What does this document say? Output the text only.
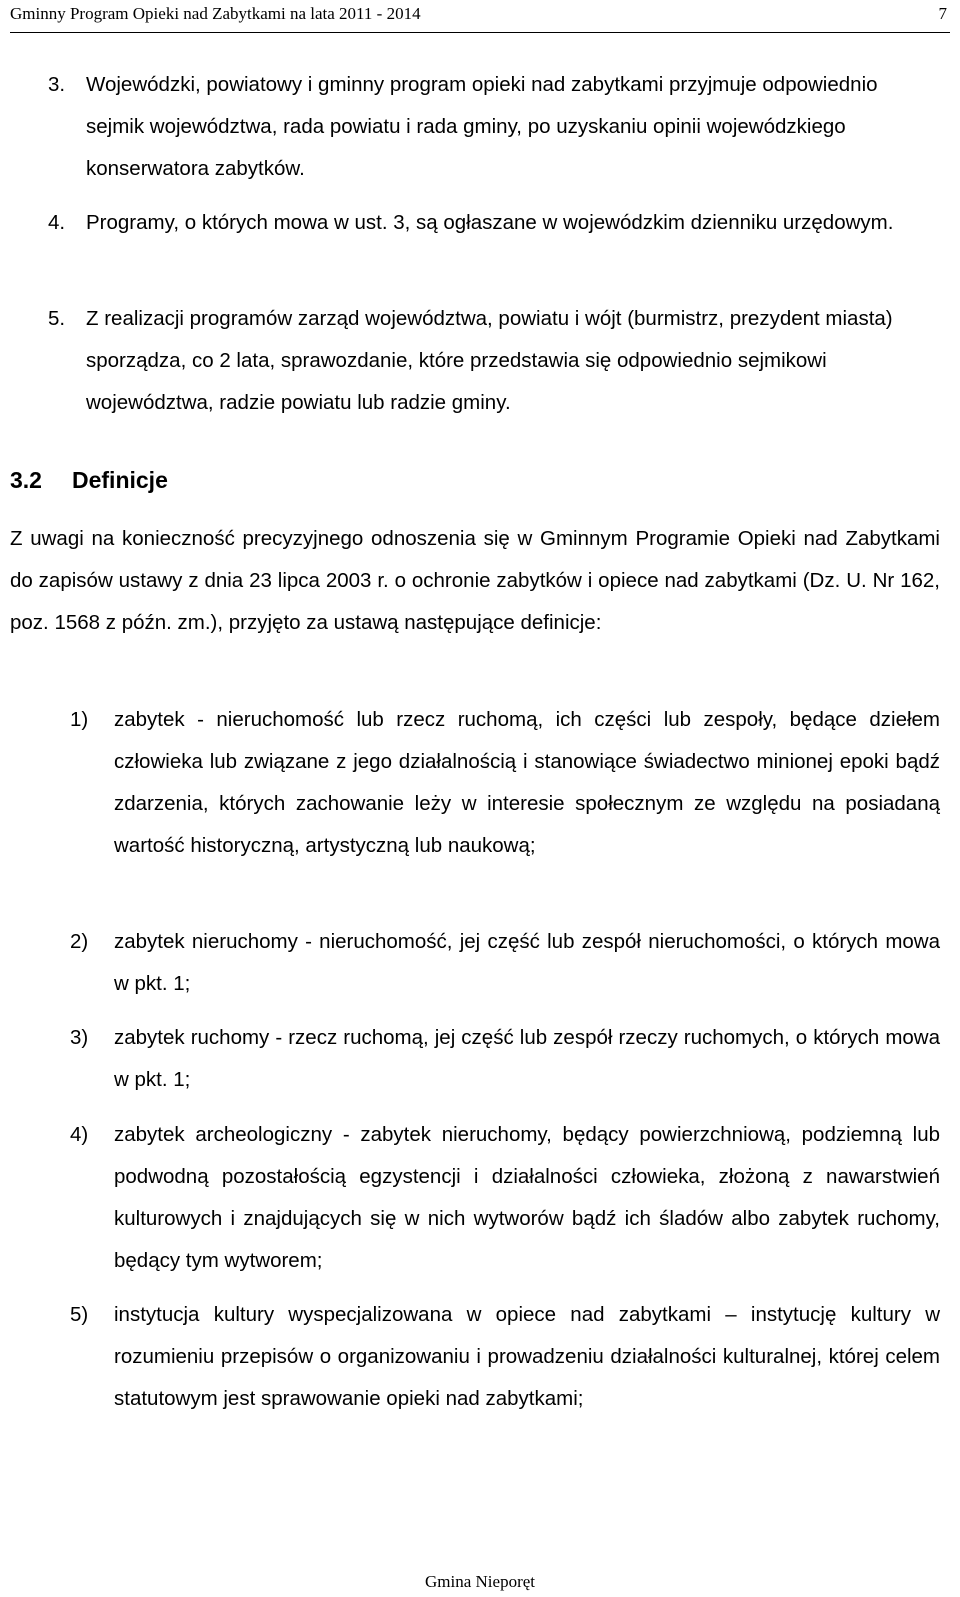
Gminny Program Opieki nad Zabytkami na lata 2011 - 2014	7
3. Wojewódzki, powiatowy i gminny program opieki nad zabytkami przyjmuje odpowiednio sejmik województwa, rada powiatu i rada gminy, po uzyskaniu opinii wojewódzkiego konserwatora zabytków.
4. Programy, o których mowa w ust. 3, są ogłaszane w wojewódzkim dzienniku urzędowym.
5. Z realizacji programów zarząd województwa, powiatu i wójt (burmistrz, prezydent miasta) sporządza, co 2 lata, sprawozdanie, które przedstawia się odpowiednio sejmikowi województwa, radzie powiatu lub radzie gminy.
3.2 Definicje
Z uwagi na konieczność precyzyjnego odnoszenia się w Gminnym Programie Opieki nad Zabytkami do zapisów ustawy z dnia 23 lipca 2003 r. o ochronie zabytków i opiece nad zabytkami (Dz. U. Nr 162, poz. 1568 z późn. zm.), przyjęto za ustawą następujące definicje:
1) zabytek - nieruchomość lub rzecz ruchomą, ich części lub zespoły, będące dziełem człowieka lub związane z jego działalnością i stanowiące świadectwo minionej epoki bądź zdarzenia, których zachowanie leży w interesie społecznym ze względu na posiadaną wartość historyczną, artystyczną lub naukową;
2) zabytek nieruchomy - nieruchomość, jej część lub zespół nieruchomości, o których mowa w pkt. 1;
3) zabytek ruchomy - rzecz ruchomą, jej część lub zespół rzeczy ruchomych, o których mowa w pkt. 1;
4) zabytek archeologiczny - zabytek nieruchomy, będący powierzchniową, podziemną lub podwodną pozostałością egzystencji i działalności człowieka, złożoną z nawarstwień kulturowych i znajdujących się w nich wytworów bądź ich śladów albo zabytek ruchomy, będący tym wytworem;
5) instytucja kultury wyspecjalizowana w opiece nad zabytkami – instytucję kultury w rozumieniu przepisów o organizowaniu i prowadzeniu działalności kulturalnej, której celem statutowym jest sprawowanie opieki nad zabytkami;
Gmina Nieporęt
